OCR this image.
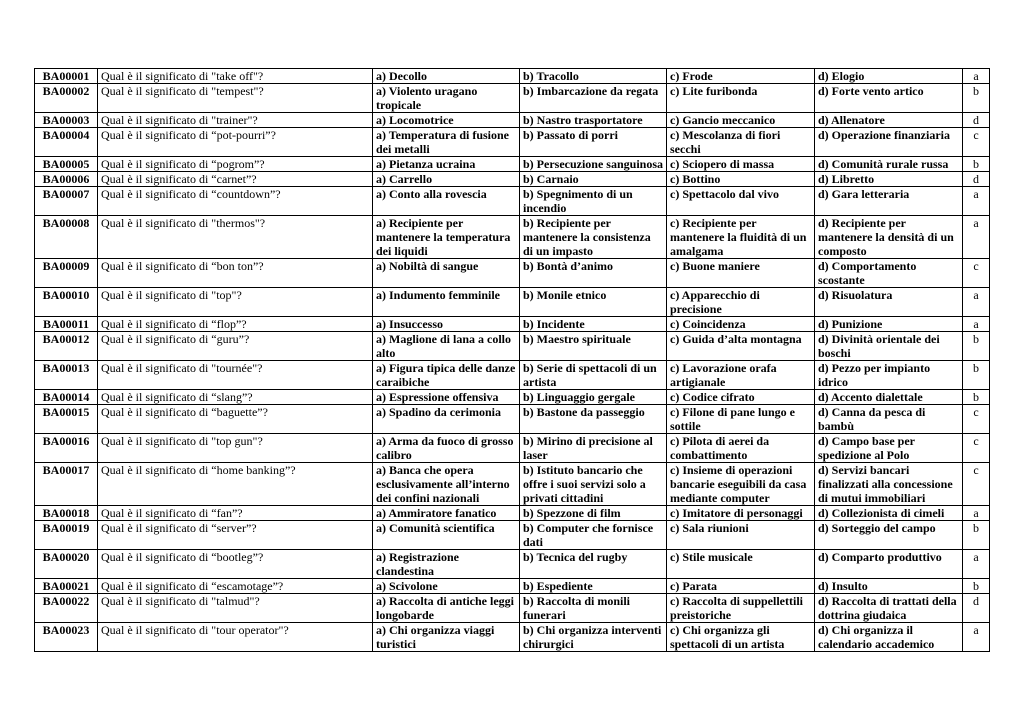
BA00001	Qual è il significato di "take off"?	a) Decollo	b) Tracollo	c) Frode	d) Elogio	a
BA00002	Qual è il significato di "tempest"?	a) Violento uragano tropicale	b) Imbarcazione da regata	c) Lite furibonda	d) Forte vento artico	b
BA00003	Qual è il significato di "trainer"?	a) Locomotrice	b) Nastro trasportatore	c) Gancio meccanico	d) Allenatore	d
BA00004	Qual è il significato di “pot-pourri”?	a) Temperatura di fusione dei metalli	b) Passato di porri	c) Mescolanza di fiori secchi	d) Operazione finanziaria	c
BA00005	Qual è il significato di “pogrom”?	a) Pietanza ucraina	b) Persecuzione sanguinosa	c) Sciopero di massa	d) Comunità rurale russa	b
BA00006	Qual è il significato di “carnet”?	a) Carrello	b) Carnaio	c) Bottino	d) Libretto	d
BA00007	Qual è il significato di “countdown”?	a) Conto alla rovescia	b) Spegnimento di un incendio	c) Spettacolo dal vivo	d) Gara letteraria	a
BA00008	Qual è il significato di "thermos"?	a) Recipiente per mantenere la temperatura dei liquidi	b) Recipiente per mantenere la consistenza di un impasto	c) Recipiente per mantenere la fluidità di un amalgama	d) Recipiente per mantenere la densità di un composto	a
BA00009	Qual è il significato di “bon ton”?	a) Nobiltà di sangue	b) Bontà d’animo	c) Buone maniere	d) Comportamento scostante	c
BA00010	Qual è il significato di "top"?	a) Indumento femminile	b) Monile etnico	c) Apparecchio di precisione	d) Risuolatura	a
BA00011	Qual è il significato di “flop”?	a) Insuccesso	b) Incidente	c) Coincidenza	d) Punizione	a
BA00012	Qual è il significato di “guru”?	a) Maglione di lana a collo alto	b) Maestro spirituale	c) Guida d’alta montagna	d) Divinità orientale dei boschi	b
BA00013	Qual è il significato di "tournée"?	a) Figura tipica delle danze caraibiche	b) Serie di spettacoli di un artista	c) Lavorazione orafa artigianale	d) Pezzo per impianto idrico	b
BA00014	Qual è il significato di “slang”?	a) Espressione offensiva	b) Linguaggio gergale	c) Codice cifrato	d) Accento dialettale	b
BA00015	Qual è il significato di “baguette”?	a) Spadino da cerimonia	b) Bastone da passeggio	c) Filone di pane lungo e sottile	d) Canna da pesca di bambù	c
BA00016	Qual è il significato di "top gun"?	a) Arma da fuoco di grosso calibro	b) Mirino di precisione al laser	c) Pilota di aerei da combattimento	d) Campo base per spedizione al Polo	c
BA00017	Qual è il significato di “home banking”?	a) Banca che opera esclusivamente all’interno dei confini nazionali	b) Istituto bancario che offre i suoi servizi solo a privati cittadini	c) Insieme di operazioni bancarie eseguibili da casa mediante computer	d) Servizi bancari finalizzati alla concessione di mutui immobiliari	c
BA00018	Qual è il significato di “fan”?	a) Ammiratore fanatico	b) Spezzone di film	c) Imitatore di personaggi	d) Collezionista di cimeli	a
BA00019	Qual è il significato di “server”?	a) Comunità scientifica	b) Computer che fornisce dati	c) Sala riunioni	d) Sorteggio del campo	b
BA00020	Qual è il significato di “bootleg”?	a) Registrazione clandestina	b) Tecnica del rugby	c) Stile musicale	d) Comparto produttivo	a
BA00021	Qual è il significato di “escamotage”?	a) Scivolone	b) Espediente	c) Parata	d) Insulto	b
BA00022	Qual è il significato di "talmud"?	a) Raccolta di antiche leggi longobarde	b) Raccolta di monili funerari	c) Raccolta di suppellettili preistoriche	d) Raccolta di trattati della dottrina giudaica	d
BA00023	Qual è il significato di "tour operator"?	a) Chi organizza viaggi turistici	b) Chi organizza interventi chirurgici	c) Chi organizza gli spettacoli di un artista	d) Chi organizza il calendario accademico	a
